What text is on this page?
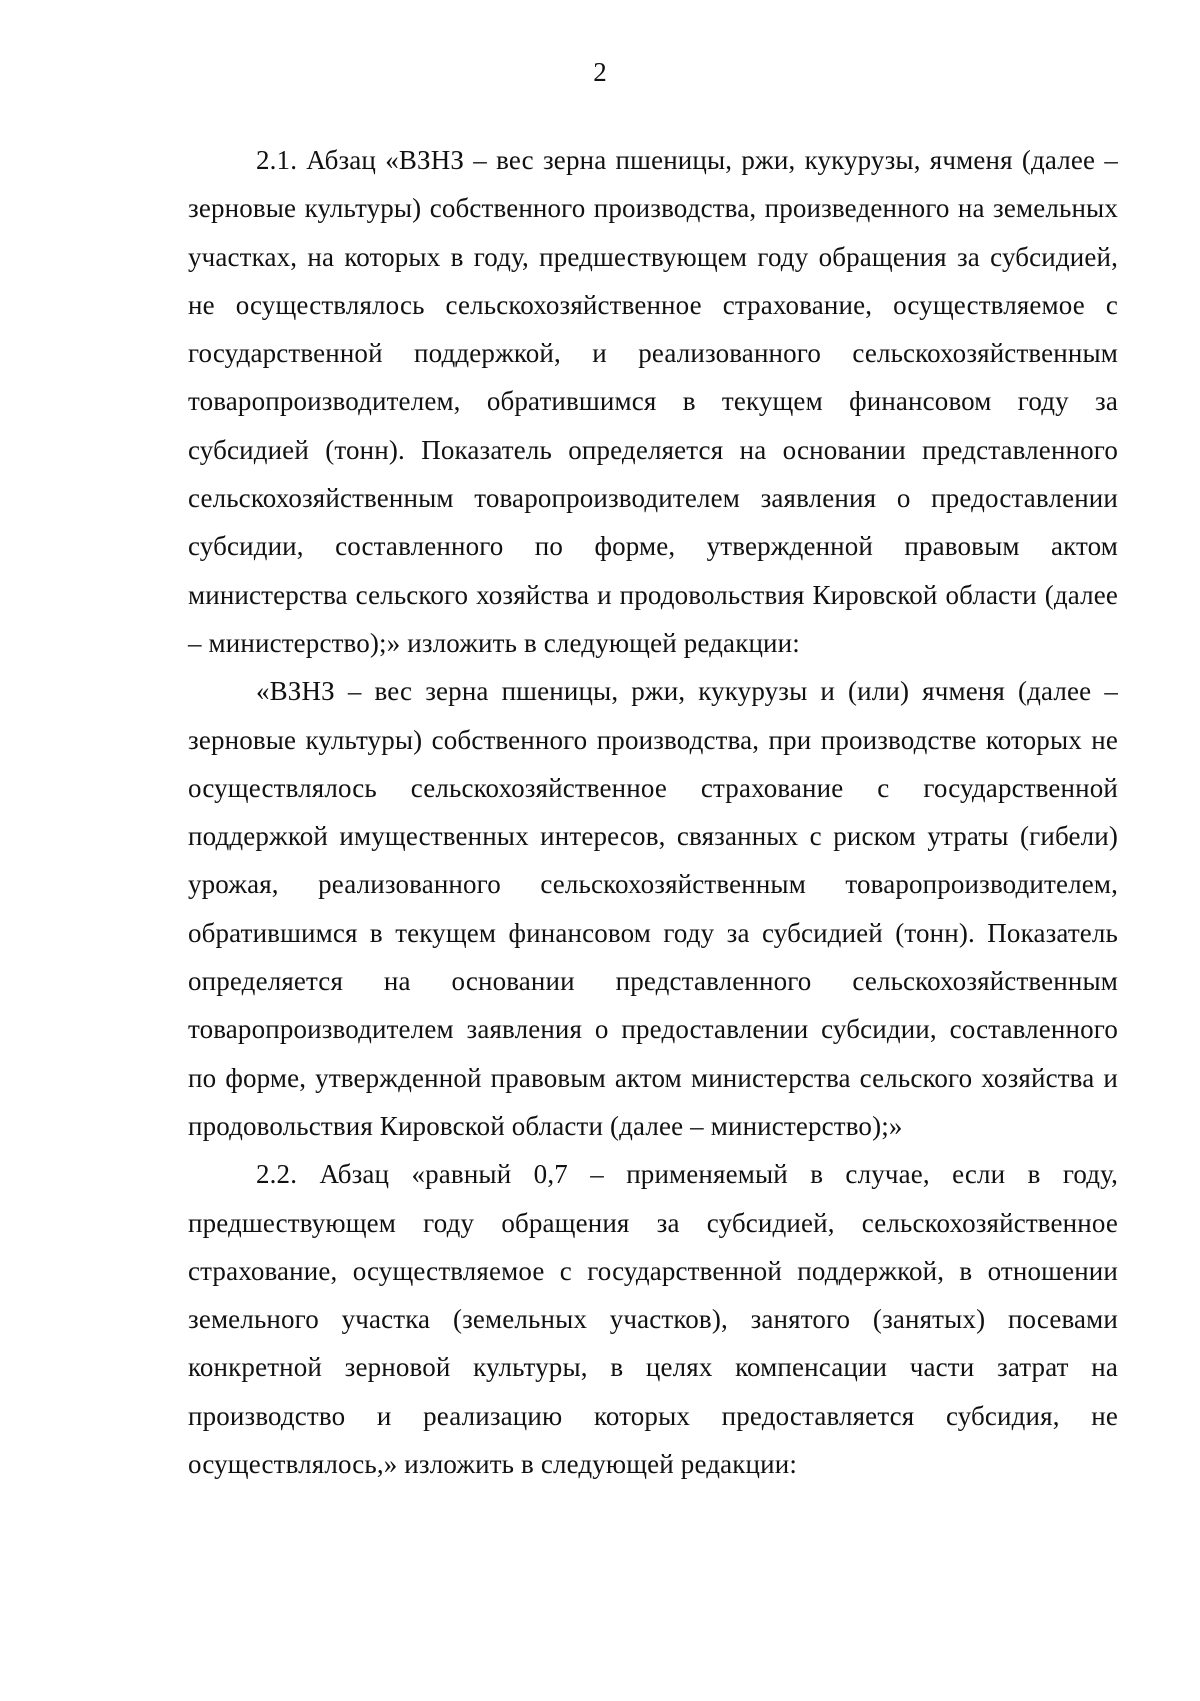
2

2.1. Абзац «ВЗНЗ – вес зерна пшеницы, ржи, кукурузы, ячменя (далее – зерновые культуры) собственного производства, произведенного на земельных участках, на которых в году, предшествующем году обращения за субсидией, не осуществлялось сельскохозяйственное страхование, осуществляемое с государственной поддержкой, и реализованного сельскохозяйственным товаропроизводителем, обратившимся в текущем финансовом году за субсидией (тонн). Показатель определяется на основании представленного сельскохозяйственным товаропроизводителем заявления о предоставлении субсидии, составленного по форме, утвержденной правовым актом министерства сельского хозяйства и продовольствия Кировской области (далее – министерство);» изложить в следующей редакции:

«ВЗНЗ – вес зерна пшеницы, ржи, кукурузы и (или) ячменя (далее – зерновые культуры) собственного производства, при производстве которых не осуществлялось сельскохозяйственное страхование с государственной поддержкой имущественных интересов, связанных с риском утраты (гибели) урожая, реализованного сельскохозяйственным товаропроизводителем, обратившимся в текущем финансовом году за субсидией (тонн). Показатель определяется на основании представленного сельскохозяйственным товаропроизводителем заявления о предоставлении субсидии, составленного по форме, утвержденной правовым актом министерства сельского хозяйства и продовольствия Кировской области (далее – министерство);»

2.2. Абзац «равный 0,7 – применяемый в случае, если в году, предшествующем году обращения за субсидией, сельскохозяйственное страхование, осуществляемое с государственной поддержкой, в отношении земельного участка (земельных участков), занятого (занятых) посевами конкретной зерновой культуры, в целях компенсации части затрат на производство и реализацию которых предоставляется субсидия, не осуществлялось,» изложить в следующей редакции:
